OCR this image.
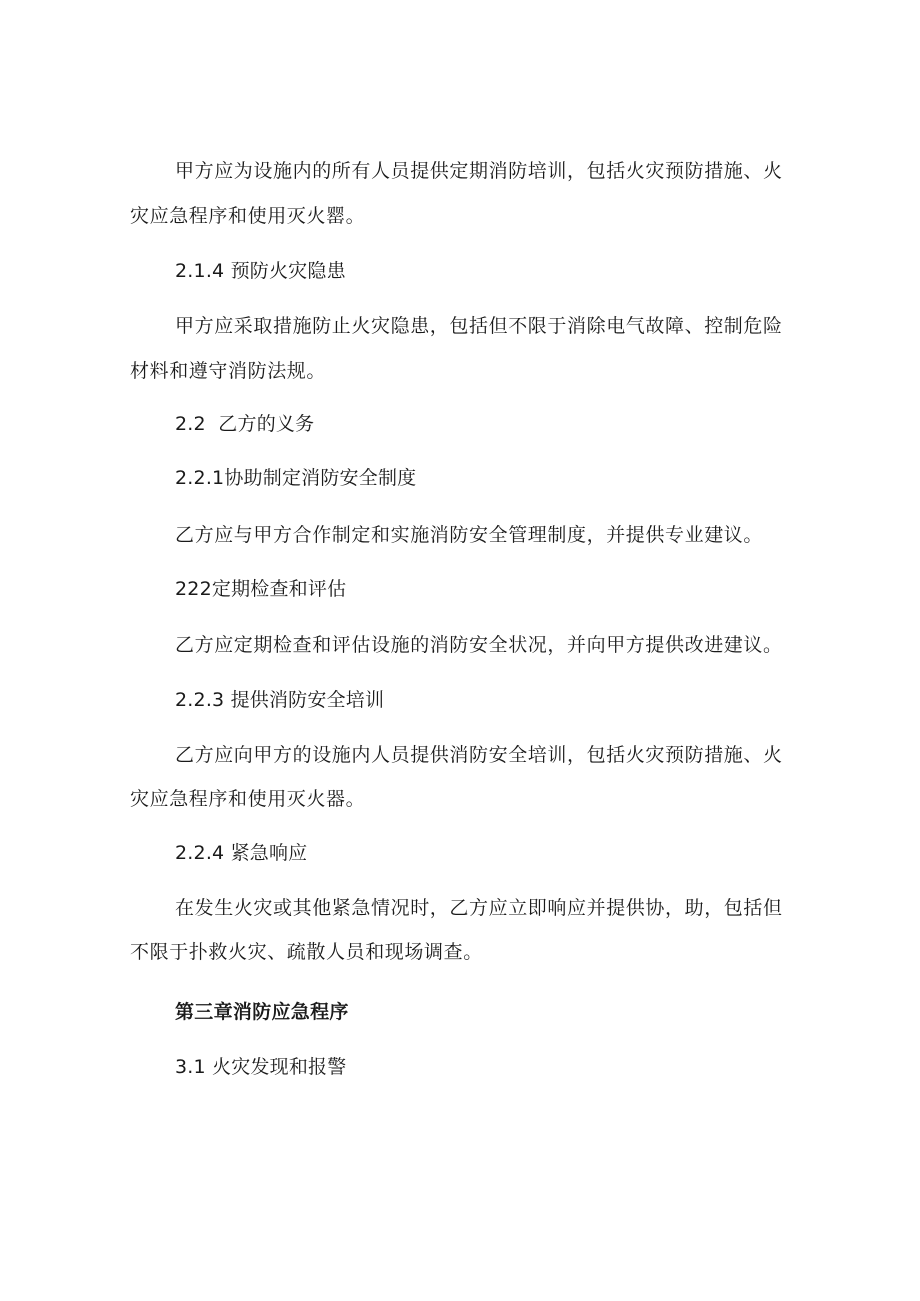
甲方应为设施内的所有人员提供定期消防培训，包括火灾预防措施、火
灾应急程序和使用灭火罂。
2.1.4 预防火灾隐患
甲方应采取措施防止火灾隐患，包括但不限于消除电气故障、控制危险
材料和遵守消防法规。
2.2  乙方的义务
2.2.1协助制定消防安全制度
乙方应与甲方合作制定和实施消防安全管理制度，并提供专业建议。
222定期检查和评估
乙方应定期检查和评估设施的消防安全状况，并向甲方提供改进建议。
2.2.3 提供消防安全培训
乙方应向甲方的设施内人员提供消防安全培训，包括火灾预防措施、火
灾应急程序和使用灭火器。
2.2.4 紧急响应
在发生火灾或其他紧急情况时，乙方应立即响应并提供协，助，包括但
不限于扑救火灾、疏散人员和现场调查。
第三章消防应急程序
3.1 火灾发现和报警
